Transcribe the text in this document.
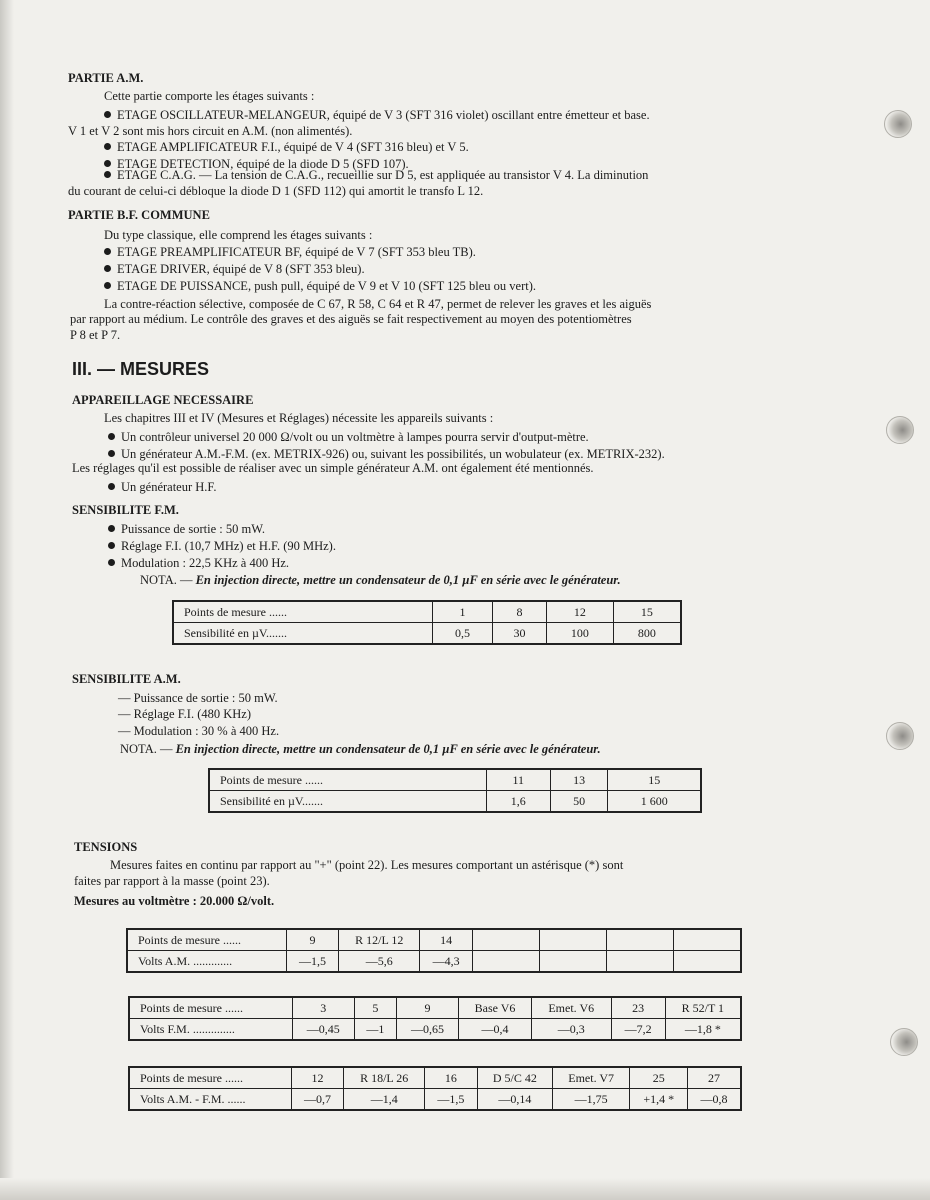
PARTIE A.M.
Cette partie comporte les étages suivants :
ETAGE OSCILLATEUR-MELANGEUR, équipé de V 3 (SFT 316 violet) oscillant entre émetteur et base.
V 1 et V 2 sont mis hors circuit en A.M. (non alimentés).
ETAGE AMPLIFICATEUR F.I., équipé de V 4 (SFT 316 bleu) et V 5.
ETAGE DETECTION, équipé de la diode D 5 (SFD 107).
ETAGE C.A.G. — La tension de C.A.G., recueillie sur D 5, est appliquée au transistor V 4. La diminution
du courant de celui-ci débloque la diode D 1 (SFD 112) qui amortit le transfo L 12.
PARTIE B.F. COMMUNE
Du type classique, elle comprend les étages suivants :
ETAGE PREAMPLIFICATEUR BF, équipé de V 7 (SFT 353 bleu TB).
ETAGE DRIVER, équipé de V 8 (SFT 353 bleu).
ETAGE DE PUISSANCE, push pull, équipé de V 9 et V 10 (SFT 125 bleu ou vert).
La contre-réaction sélective, composée de C 67, R 58, C 64 et R 47, permet de relever les graves et les aiguës
par rapport au médium. Le contrôle des graves et des aiguës se fait respectivement au moyen des potentiomètres
P 8 et P 7.
III. — MESURES
APPAREILLAGE NECESSAIRE
Les chapitres III et IV (Mesures et Réglages) nécessite les appareils suivants :
Un contrôleur universel 20 000 Ω/volt ou un voltmètre à lampes pourra servir d'output-mètre.
Un générateur A.M.-F.M. (ex. METRIX-926) ou, suivant les possibilités, un wobulateur (ex. METRIX-232).
Les réglages qu'il est possible de réaliser avec un simple générateur A.M. ont également été mentionnés.
Un générateur H.F.
SENSIBILITE F.M.
Puissance de sortie : 50 mW.
Réglage F.I. (10,7 MHz) et H.F. (90 MHz).
Modulation : 22,5 KHz à 400 Hz.
NOTA. — En injection directe, mettre un condensateur de 0,1 µF en série avec le générateur.
Points de mesure ......	1	8	12	15
Sensibilité en µV.......	0,5	30	100	800
SENSIBILITE A.M.
— Puissance de sortie : 50 mW.
— Réglage F.I. (480 KHz)
— Modulation : 30 % à 400 Hz.
NOTA. — En injection directe, mettre un condensateur de 0,1 µF en série avec le générateur.
Points de mesure ......	11	13	15
Sensibilité en µV.......	1,6	50	1 600
TENSIONS
Mesures faites en continu par rapport au "+" (point 22). Les mesures comportant un astérisque (*) sont
faites par rapport à la masse (point 23).
Mesures au voltmètre : 20.000 Ω/volt.
Points de mesure ......	9	R 12/L 12	14				
Volts A.M. .............	—1,5	—5,6	—4,3				
Points de mesure ......	3	5	9	Base V6	Emet. V6	23	R 52/T 1
Volts F.M. ..............	—0,45	—1	—0,65	—0,4	—0,3	—7,2	—1,8 *
Points de mesure ......	12	R 18/L 26	16	D 5/C 42	Emet. V7	25	27
Volts A.M. - F.M. ......	—0,7	—1,4	—1,5	—0,14	—1,75	+1,4 *	—0,8
